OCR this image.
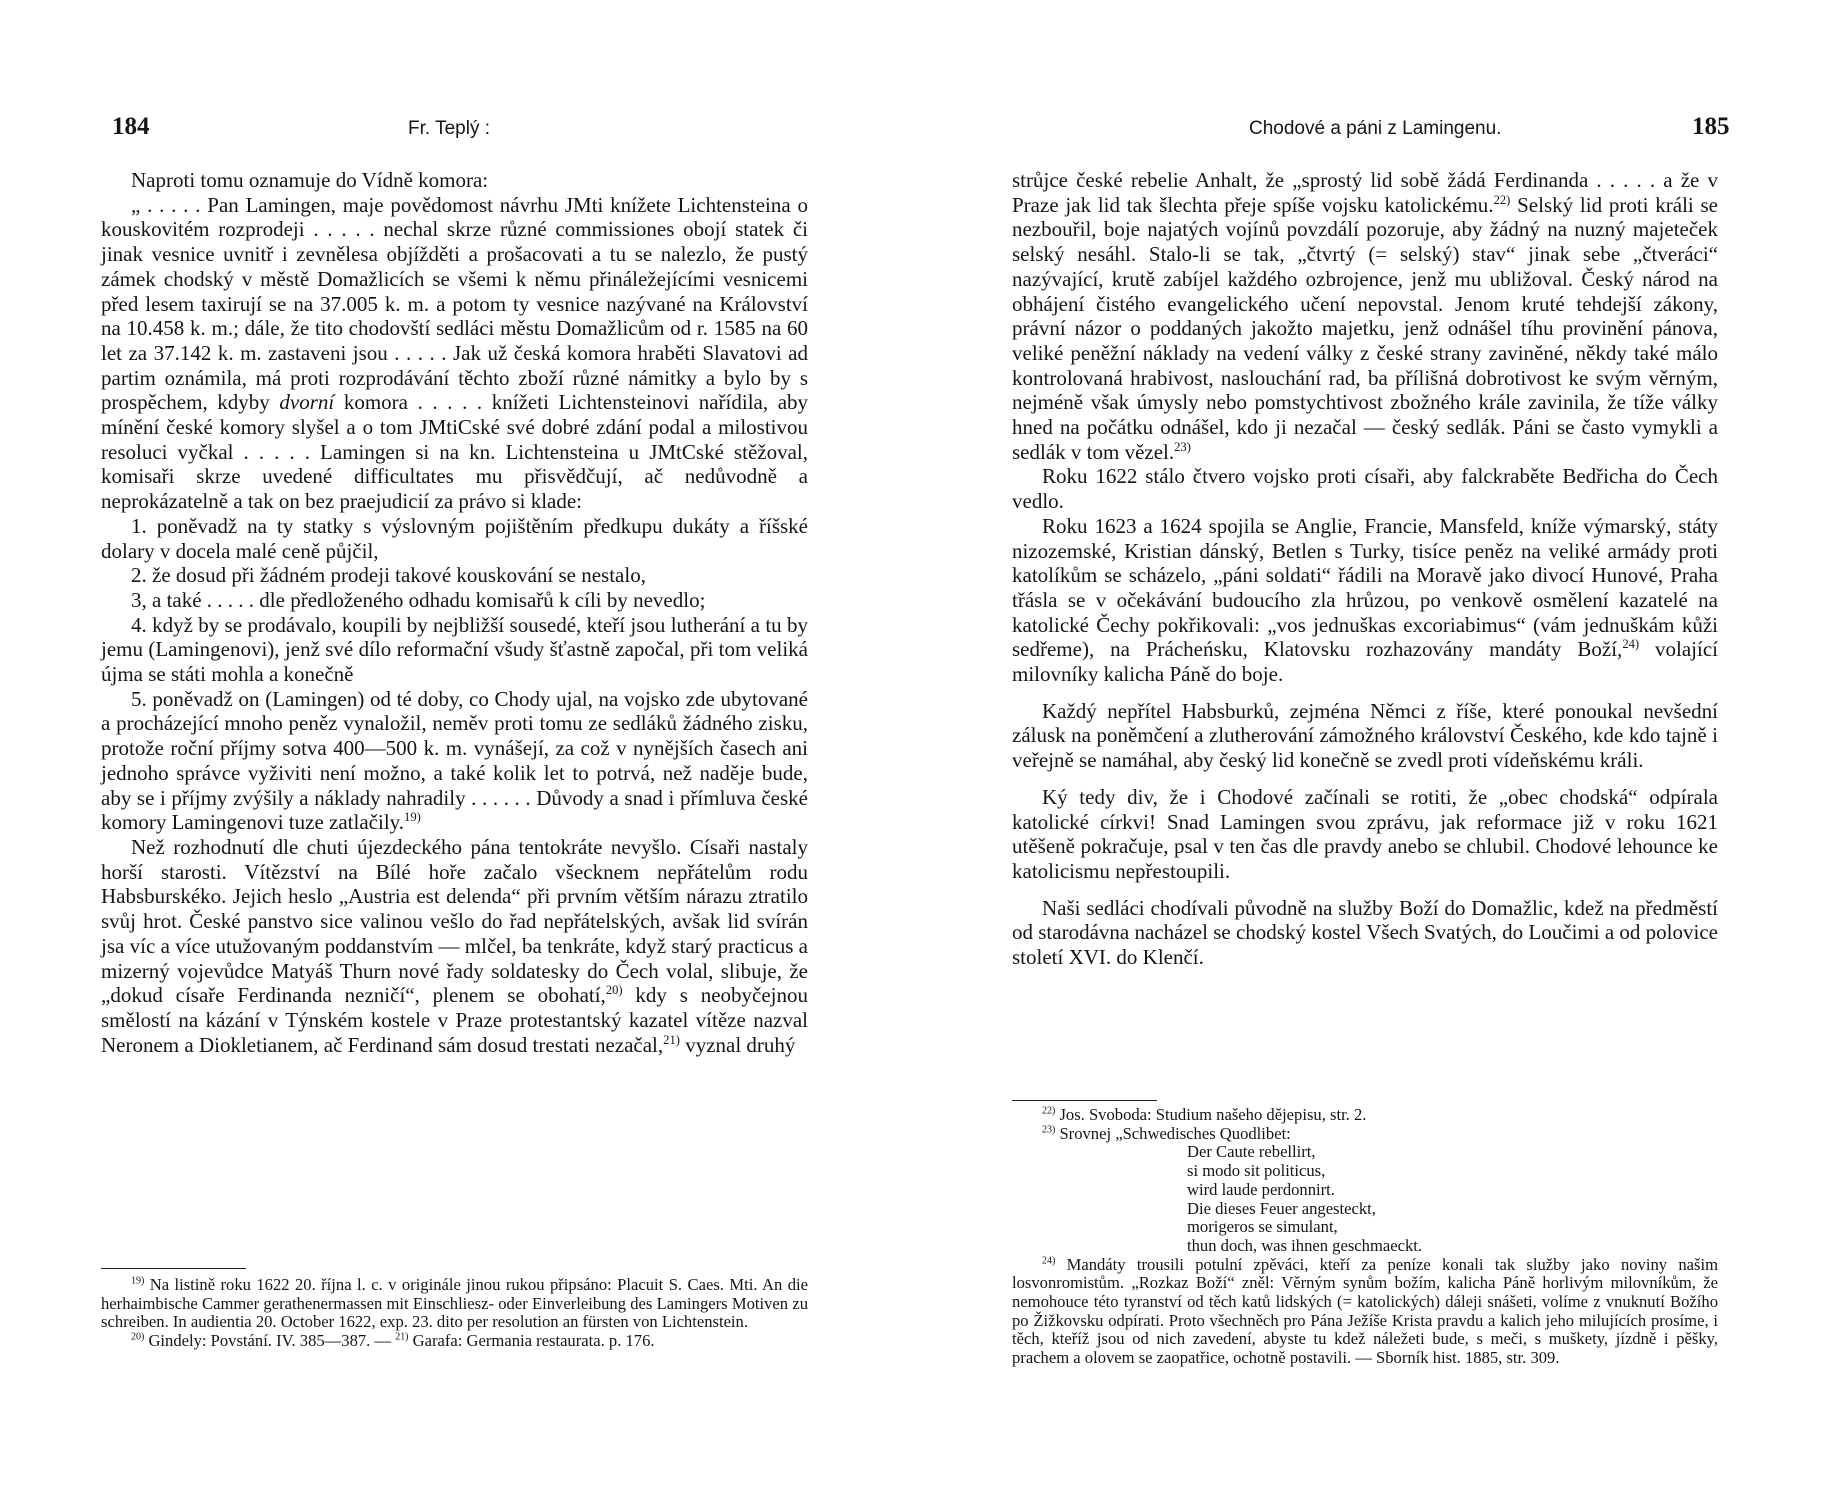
184	Fr. Teplý :

Naproti tomu oznamuje do Vídně komora:

„ . . . . . Pan Lamingen, maje povědomost návrhu JMti knížete Lichtensteina o kouskovitém rozprodeji . . . . . nechal skrze různé commissiones obojí statek či jinak vesnice uvnitř i zevnělesa objížděti a prošacovati a tu se nalezlo, že pustý zámek chodský v městě Domažlicích se všemi k němu přináležejícími vesnicemi před lesem taxirují se na 37.005 k. m. a potom ty vesnice nazývané na Království na 10.458 k. m.; dále, že tito chodovští sedláci městu Domažlicům od r. 1585 na 60 let za 37.142 k. m. zastaveni jsou . . . . . Jak už česká komora hraběti Slavatovi ad partim oznámila, má proti rozprodávání těchto zboží různé námitky a bylo by s prospěchem, kdyby dvorní komora . . . . . knížeti Lichtensteinovi nařídila, aby mínění české komory slyšel a o tom JMtiCské své dobré zdání podal a milostivou resoluci vyčkal . . . . . Lamingen si na kn. Lichtensteina u JMtCské stěžoval, komisaři skrze uvedené difficultates mu přisvědčují, ač nedůvodně a neprokázatelně a tak on bez praejudicií za právo si klade:

1. poněvadž na ty statky s výslovným pojištěním předkupu dukáty a říšské dolary v docela malé ceně půjčil,

2. že dosud při žádném prodeji takové kouskování se nestalo,

3, a také . . . . . dle předloženého odhadu komisařů k cíli by nevedlo;

4. když by se prodávalo, koupili by nejbližší sousedé, kteří jsou lutherání a tu by jemu (Lamingenovi), jenž své dílo reformační všudy šťastně započal, při tom veliká újma se státi mohla a konečně

5. poněvadž on (Lamingen) od té doby, co Chody ujal, na vojsko zde ubytované a procházející mnoho peněz vynaložil, neměv proti tomu ze sedláků žádného zisku, protože roční příjmy sotva 400—500 k. m. vynášejí, za což v nynějších časech ani jednoho správce vyživiti není možno, a také kolik let to potrvá, než naděje bude, aby se i příjmy zvýšily a náklady nahradily . . . . . . Důvody a snad i přímluva české komory Lamingenovi tuze zatlačily.$^{19)}$

Než rozhodnutí dle chuti újezdeckého pána tentokráte nevyšlo. Císaři nastaly horší starosti. Vítězství na Bílé hoře začalo všecknem nepřátelům rodu Habsburskékо. Jejich heslo „Austria est delenda“ při prvním větším nárazu ztratilo svůj hrot. České panstvo sice valinou vešlo do řad nepřátelských, avšak lid svírán jsa víc a více utužovaným poddanstvím — mlčel, ba tenkráte, když starý practicus a mizerný vojevůdce Matyáš Thurn nové řady soldatesky do Čech volal, slibuje, že „dokud císaře Ferdinanda nezničí“, plenem se obohatí,$^{20)}$ kdy s neobyčejnou smělostí na kázání v Týnském kostele v Praze protestantský kazatel vítěze nazval Neronem a Diokletianem, ač Ferdinand sám dosud trestati nezačal,$^{21)}$ vyznal druhý

$^{19)}$ Na listině roku 1622 20. října l. c. v originále jinou rukou připsáno: Placuit S. Caes. Mti. An die herhaimbische Cammer gerathenermassen mit Einschliesz- oder Einverleibung des Lamingers Motiven zu schreiben. In audientia 20. October 1622, exp. 23. dito per resolution an fürsten von Lichtenstein.

$^{20)}$ Gindely: Povstání. IV. 385—387. — $^{21)}$ Garafa: Germania restaurata. p. 176.

Chodové a páni z Lamingenu.	185

strůjce české rebelie Anhalt, že „sprostý lid sobě žádá Ferdinanda . . . . . a že v Praze jak lid tak šlechta přeje spíše vojsku katolickému.$^{22)}$ Selský lid proti králi se nezbouřil, boje najatých vojínů povzdálí pozoruje, aby žádný na nuzný majeteček selský nesáhl. Stalo-li se tak, „čtvrtý (= selský) stav“ jinak sebe „čtveráci“ nazývající, krutě zabíjel každého ozbrojence, jenž mu ubližoval. Český národ na obhájení čistého evangelického učení nepovstal. Jenom kruté tehdejší zákony, právní názor o poddaných jakožto majetku, jenž odnášel tíhu provinění pánova, veliké peněžní náklady na vedení války z české strany zaviněné, někdy také málo kontrolovaná hrabivost, naslouchání rad, ba přílišná dobrotivost ke svým věrným, nejméně však úmysly nebo pomstychtivost zbožného krále zavinila, že tíže války hned na počátku odnášel, kdo ji nezačal — český sedlák. Páni se často vymykli a sedlák v tom vězel.$^{23)}$

Roku 1622 stálo čtvero vojsko proti císaři, aby falckraběte Bedřicha do Čech vedlo.

Roku 1623 a 1624 spojila se Anglie, Francie, Mansfeld, kníže výmarský, státy nizozemské, Kristian dánský, Betlen s Turky, tisíce peněz na veliké armády proti katolíkům se scházelo, „páni soldati“ řádili na Moravě jako divocí Hunové, Praha třásla se v očekávání budoucího zla hrůzou, po venkově osmělení kazatelé na katolické Čechy pokřikovali: „vos jednuškas excoriabimus“ (vám jednuškám kůži sedřeme), na Prácheńsku, Klatovsku rozhazovány mandáty Boží,$^{24)}$ volající milovníky kalicha Páně do boje.

Každý nepřítel Habsburků, zejména Němci z říše, které ponoukal nevšední zálusk na poněmčení a zlutherování zámožného království Českého, kde kdo tajně i veřejně se namáhal, aby český lid konečně se zvedl proti vídeňskému králi.

Ký tedy div, že i Chodové začínali se rotiti, že „obec chodská“ odpírala katolické církvi! Snad Lamingen svou zprávu, jak reformace již v roku 1621 utěšeně pokračuje, psal v ten čas dle pravdy anebo se chlubil. Chodové lehounce ke katolicismu nepřestoupili.

Naši sedláci chodívali původně na služby Boží do Domažlic, kdež na předměstí od starodávna nacházel se chodský kostel Všech Svatých, do Loučimi a od polovice století XVI. do Klenčí.

$^{22)}$ Jos. Svoboda: Studium našeho dějepisu, str. 2.

$^{23)}$ Srovnej „Schwedisches Quodlibet:

Der Caute rebellirt,
si modo sit politicus,
wird laude perdonnirt.
Die dieses Feuer angesteckt,
morigeros se simulant,
thun doch, was ihnen geschmaeckt.

$^{24)}$ Mandáty trousili potulní zpěváci, kteří za peníze konali tak služby jako noviny našim losvonromistům. „Rozkaz Boží“ zněl: Věrným synům božím, kalicha Páně horlivým milovníkům, že nemohouce této tyranství od těch katů lidských (= katolických) dáleji snášeti, volíme z vnuknutí Božího po Žižkovsku odpírati. Proto všechněch pro Pána Ježíše Krista pravdu a kalich jeho milujících prosíme, i těch, kteříž jsou od nich zavedení, abyste tu kdež náležeti bude, s meči, s muškety, jízdně i pěšky, prachem a olovem se zaopatřice, ochotně postavili. — Sborník hist. 1885, str. 309.
